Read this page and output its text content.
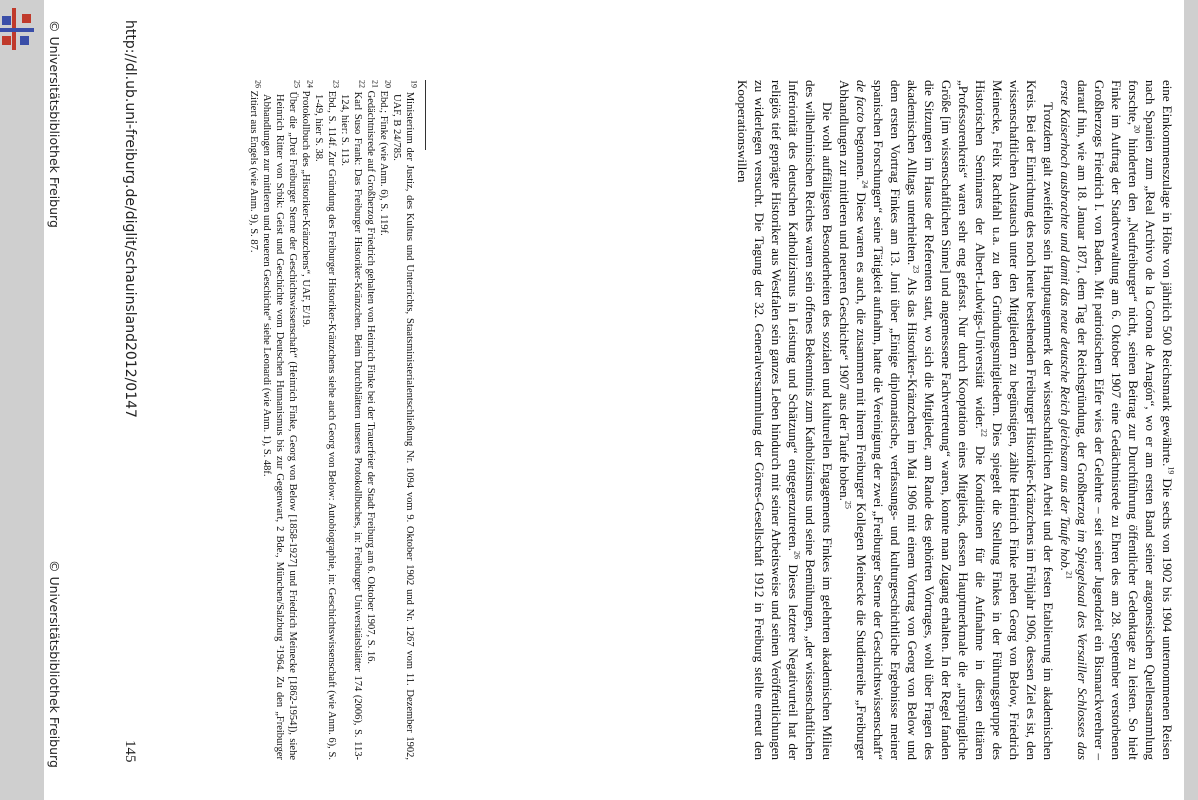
eine Einkommenszulage in Höhe von jährlich 500 Reichsmark gewährte.$^{19}$ Die sechs von 1902 bis 1904 unternommenen Reisen nach Spanien zum „Real Archivo de la Corona de Aragón“, wo er am ersten Band seiner aragonesischen Quellensammlung forschte,$^{20}$ hinderten den „Neufreiburger“ nicht, seinen Beitrag zur Durchführung öffentlicher Gedenktage zu leisten. So hielt Finke im Auftrag der Stadtverwaltung am 6. Oktober 1907 eine Gedächtnisrede zu Ehren des am 28. September verstorbenen Großherzogs Friedrich I. von Baden. Mit patriotischem Eifer wies der Gelehrte – seit seiner Jugendzeit ein Bismarckverehrer – darauf hin, wie am 18. Januar 1871, dem Tag der Reichsgründung, der Großherzog im Spiegelsaal des Versailler Schlosses das erste Kaiserhoch ausbrachte und damit das neue deutsche Reich gleichsam aus der Taufe hob.$^{21}$

Trotzdem galt zweifellos sein Hauptaugenmerk der wissenschaftlichen Arbeit und der festen Etablierung im akademischen Kreis. Bei der Einrichtung des noch heute bestehenden Freiburger Historiker-Kränzchens im Frühjahr 1906, dessen Ziel es ist, den wissenschaftlichen Austausch unter den Mitgliedern zu begünstigen, zählte Heinrich Finke neben Georg von Below, Friedrich Meinecke, Felix Rachfahl u.a. zu den Gründungsmitgliedern. Dies spiegelt die Stellung Finkes in der Führungsgruppe des Historischen Seminares der Albert-Ludwigs-Universität wider.$^{22}$ Die Konditionen für die Aufnahme in diesen elitären „Professorenkreis“ waren sehr eng gefasst. Nur durch Kooptation eines Mitglieds, dessen Hauptmerkmale die „ursprüngliche Größe [im wissenschaftlichen Sinne] und angemessene Fachvertretung“ waren, konnte man Zugang erhalten. In der Regel fanden die Sitzungen im Hause der Referenten statt, wo sich die Mitglieder, am Rande des gehörten Vortrages, wohl über Fragen des akademischen Alltags unterhielten.$^{23}$ Als das Historiker-Kränzchen im Mai 1906 mit einem Vortrag von Georg von Below und dem ersten Vortrag Finkes am 13. Juni über „Einige diplomatische, verfassungs- und kulturgeschichtliche Ergebnisse meiner spanischen Forschungen“ seine Tätigkeit aufnahm, hatte die Vereinigung der zwei „Freiburger Sterne der Geschichtswissenschaft“ de facto begonnen.$^{24}$ Diese waren es auch, die zusammen mit ihrem Freiburger Kollegen Meinecke die Studienreihe „Freiburger Abhandlungen zur mittleren und neueren Geschichte“ 1907 aus der Taufe hoben.$^{25}$

Die wohl auffälligsten Besonderheiten des sozialen und kulturellen Engagements Finkes im gelehrten akademischen Milieu des wilhelminischen Reiches waren sein offenes Bekenntnis zum Katholizismus und seine Bemühungen, „der wissenschaftlichen Inferiorität des deutschen Katholizismus in Leistung und Schätzung“ entgegenzutreten.$^{26}$ Dieses letztere Negativurteil hat der religiös tief geprägte Historiker aus Westfalen sein ganzes Leben hindurch mit seiner Arbeitsweise und seinen Veröffentlichungen zu widerlegen versucht. Die Tagung der 32. Generalversammlung der Görres-Gesellschaft 1912 in Freiburg stellte erneut den Kooperationswillen

$^{19}$ Ministerium der Justiz, des Kultus und Unterrichts, Staatsministerialentschließung Nr. 1094 vom 9. Oktober 1902 und Nr. 1267 vom 11. Dezember 1902, UAF, B 24/785.

$^{20}$ Ebd.; Finke (wie Anm. 6), S. 119f.

$^{21}$ Gedächtnisrede auf Großherzog Friedrich gehalten von Heinrich Finke bei der Trauerfeier der Stadt Freiburg am 6. Oktober 1907, S. 16.

$^{22}$ Karl Suso Frank: Das Freiburger Historiker-Kränzchen. Beim Durchblättern unseres Protokollbuches, in: Freiburger Universitätsblätter 174 (2006), S. 113-124, hier: S. 113.

$^{23}$ Ebd., S. 114f. Zur Gründung des Freiburger Historiker-Kränzchens siehe auch Georg von Below: Autobiographie, in: Geschichtswissenschaft (wie Anm. 6), S. 1-49, hier S. 38.

$^{24}$ Protokollbuch des „Historiker-Kränzchens“, UAF, E/19.

$^{25}$ Über die „Drei Freiburger Sterne der Geschichtswissenschaft“ (Heinrich Finke, Georg von Below [1858-1927] und Friedrich Meinecke [1862-1954]), siehe Heinrich Ritter von Srbik: Geist und Geschichte vom Deutschen Humanismus bis zur Gegenwart, 2 Bde., München/Salzburg ²1964. Zu den „Freiburger Abhandlungen zur mittleren und neueren Geschichte“ siehe Leonardi (wie Anm. 1), S. 48f.

$^{26}$ Zitiert aus Engels (wie Anm. 9), S. 87.

http://dl.ub.uni-freiburg.de/diglit/schauinsland2012/0147
145
© Universitätsbibliothek Freiburg
© Universitätsbibliothek Freiburg
